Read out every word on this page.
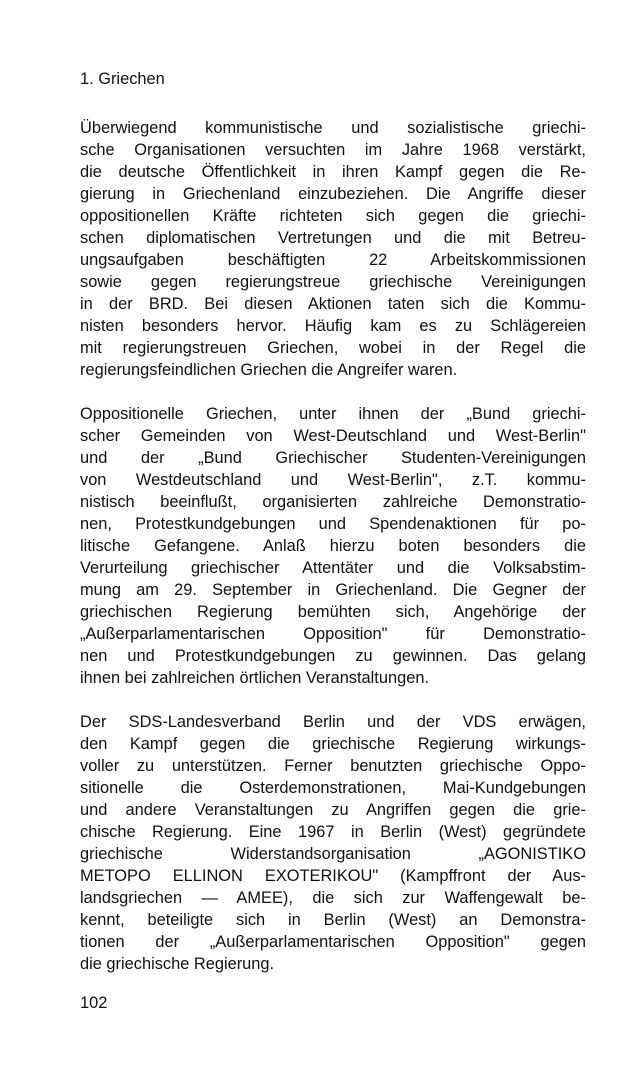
1. Griechen
Überwiegend kommunistische und sozialistische griechi-
sche Organisationen versuchten im Jahre 1968 verstärkt,
die deutsche Öffentlichkeit in ihren Kampf gegen die Re-
gierung in Griechenland einzubeziehen. Die Angriffe dieser
oppositionellen Kräfte richteten sich gegen die griechi-
schen diplomatischen Vertretungen und die mit Betreu-
ungsaufgaben beschäftigten 22 Arbeitskommissionen
sowie gegen regierungstreue griechische Vereinigungen
in der BRD. Bei diesen Aktionen taten sich die Kommu-
nisten besonders hervor. Häufig kam es zu Schlägereien
mit regierungstreuen Griechen, wobei in der Regel die
regierungsfeindlichen Griechen die Angreifer waren.
Oppositionelle Griechen, unter ihnen der „Bund griechi-
scher Gemeinden von West-Deutschland und West-Berlin"
und der „Bund Griechischer Studenten-Vereinigungen
von Westdeutschland und West-Berlin", z.T. kommu-
nistisch beeinflußt, organisierten zahlreiche Demonstratio-
nen, Protestkundgebungen und Spendenaktionen für po-
litische Gefangene. Anlaß hierzu boten besonders die
Verurteilung griechischer Attentäter und die Volksabstim-
mung am 29. September in Griechenland. Die Gegner der
griechischen Regierung bemühten sich, Angehörige der
„Außerparlamentarischen Opposition" für Demonstratio-
nen und Protestkundgebungen zu gewinnen. Das gelang
ihnen bei zahlreichen örtlichen Veranstaltungen.
Der SDS-Landesverband Berlin und der VDS erwägen,
den Kampf gegen die griechische Regierung wirkungs-
voller zu unterstützen. Ferner benutzten griechische Oppo-
sitionelle die Osterdemonstrationen, Mai-Kundgebungen
und andere Veranstaltungen zu Angriffen gegen die grie-
chische Regierung. Eine 1967 in Berlin (West) gegründete
griechische Widerstandsorganisation „AGONISTIKO
METOPO ELLINON EXOTERIKOU" (Kampffront der Aus-
landsgriechen — AMEE), die sich zur Waffengewalt be-
kennt, beteiligte sich in Berlin (West) an Demonstra-
tionen der „Außerparlamentarischen Opposition" gegen
die griechische Regierung.
102
